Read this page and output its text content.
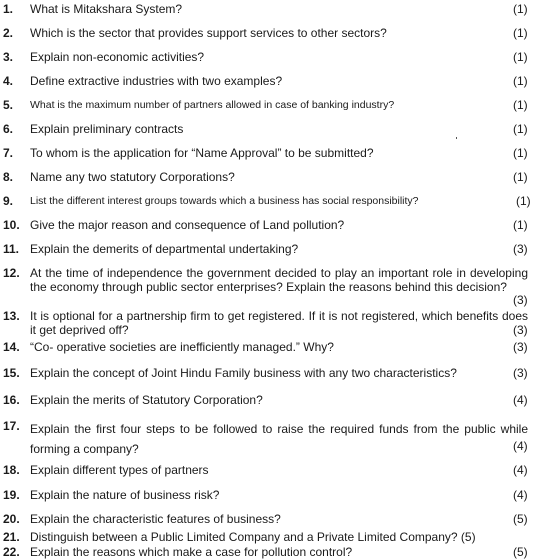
1. What is Mitakshara System?	(1)
2. Which is the sector that provides support services to other sectors?	(1)
3. Explain non-economic activities?	(1)
4. Define extractive industries with two examples?	(1)
5. What is the maximum number of partners allowed in case of banking industry?	(1)
6. Explain preliminary contracts	(1)
7. To whom is the application for “Name Approval” to be submitted?	(1)
8. Name any two statutory Corporations?	(1)
9. List the different interest groups towards which a business has social responsibility?	(1)
10. Give the major reason and consequence of Land pollution?	(1)
11. Explain the demerits of departmental undertaking?	(3)
12. At the time of independence the government decided to play an important role in developing the economy through public sector enterprises? Explain the reasons behind this decision?
(3)
13. It is optional for a partnership firm to get registered. If it is not registered, which benefits does it get deprived off?	(3)
14. “Co- operative societies are inefficiently managed.” Why?	(3)
15. Explain the concept of Joint Hindu Family business with any two characteristics?	(3)
16. Explain the merits of Statutory Corporation?	(4)
17. Explain the first four steps to be followed to raise the required funds from the public while forming a company?	(4)
18. Explain different types of partners	(4)
19. Explain the nature of business risk?	(4)
20. Explain the characteristic features of business?	(5)
21. Distinguish between a Public Limited Company and a Private Limited Company? (5)
22. Explain the reasons which make a case for pollution control?	(5)
